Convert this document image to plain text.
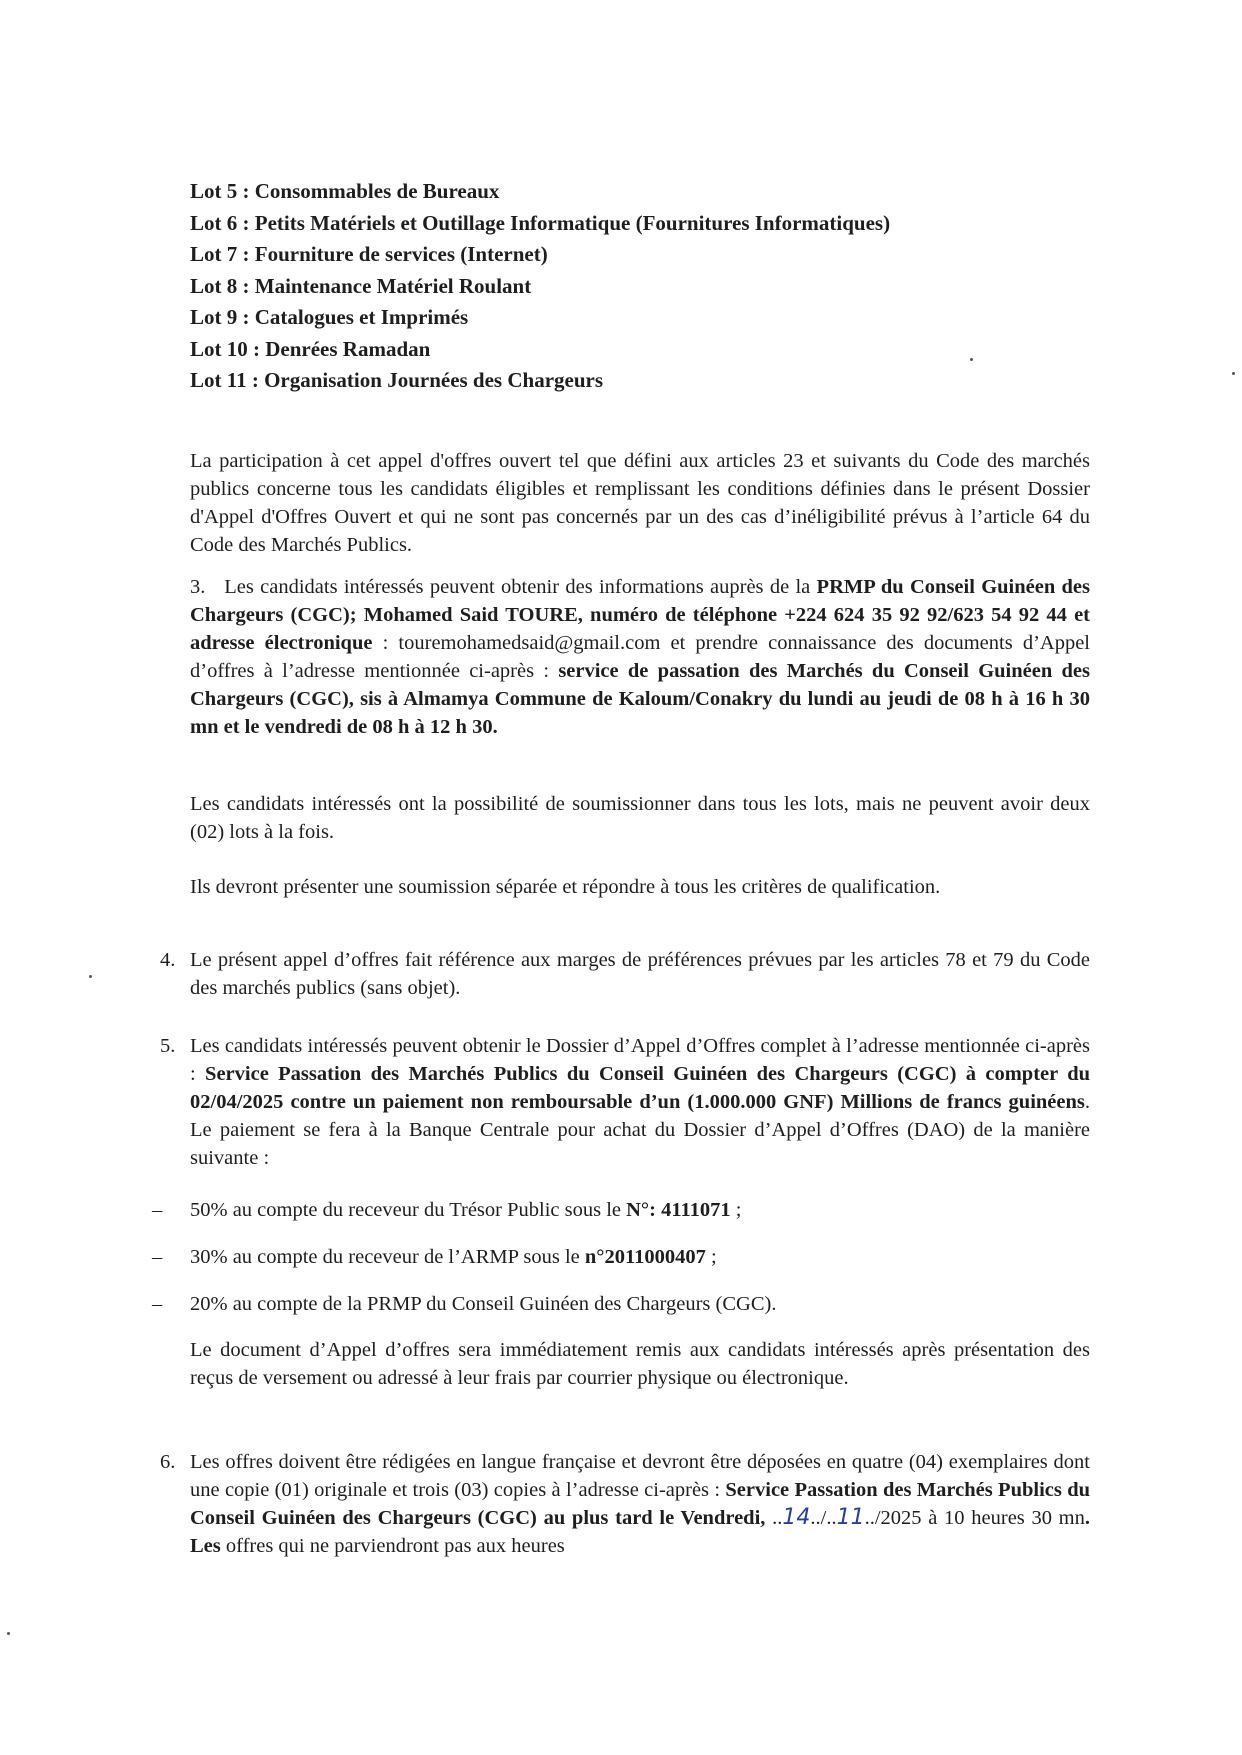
Lot 5 : Consommables de Bureaux
Lot 6 : Petits Matériels et Outillage Informatique (Fournitures Informatiques)
Lot 7 : Fourniture de services (Internet)
Lot 8 : Maintenance Matériel Roulant
Lot 9 : Catalogues et Imprimés
Lot 10 : Denrées Ramadan
Lot 11 : Organisation Journées des Chargeurs
La participation à cet appel d'offres ouvert tel que défini aux articles 23 et suivants du Code des marchés publics concerne tous les candidats éligibles et remplissant les conditions définies dans le présent Dossier d'Appel d'Offres Ouvert et qui ne sont pas concernés par un des cas d’inéligibilité prévus à l’article 64 du Code des Marchés Publics.
3. Les candidats intéressés peuvent obtenir des informations auprès de la PRMP du Conseil Guinéen des Chargeurs (CGC); Mohamed Said TOURE, numéro de téléphone +224 624 35 92 92/623 54 92 44 et adresse électronique : touremohamedsaid@gmail.com et prendre connaissance des documents d’Appel d’offres à l’adresse mentionnée ci-après : service de passation des Marchés du Conseil Guinéen des Chargeurs (CGC), sis à Almamya Commune de Kaloum/Conakry du lundi au jeudi de 08 h à 16 h 30 mn et le vendredi de 08 h à 12 h 30.
Les candidats intéressés ont la possibilité de soumissionner dans tous les lots, mais ne peuvent avoir deux (02) lots à la fois.
Ils devront présenter une soumission séparée et répondre à tous les critères de qualification.
4. Le présent appel d’offres fait référence aux marges de préférences prévues par les articles 78 et 79 du Code des marchés publics (sans objet).
5. Les candidats intéressés peuvent obtenir le Dossier d’Appel d’Offres complet à l’adresse mentionnée ci-après : Service Passation des Marchés Publics du Conseil Guinéen des Chargeurs (CGC) à compter du 02/04/2025 contre un paiement non remboursable d’un (1.000.000 GNF) Millions de francs guinéens. Le paiement se fera à la Banque Centrale pour achat du Dossier d’Appel d’Offres (DAO) de la manière suivante :
– 50% au compte du receveur du Trésor Public sous le N°: 4111071 ;
– 30% au compte du receveur de l’ARMP sous le n°2011000407 ;
– 20% au compte de la PRMP du Conseil Guinéen des Chargeurs (CGC).
Le document d’Appel d’offres sera immédiatement remis aux candidats intéressés après présentation des reçus de versement ou adressé à leur frais par courrier physique ou électronique.
6. Les offres doivent être rédigées en langue française et devront être déposées en quatre (04) exemplaires dont une copie (01) originale et trois (03) copies à l’adresse ci-après : Service Passation des Marchés Publics du Conseil Guinéen des Chargeurs (CGC) au plus tard le Vendredi, ..14../..11../2025 à 10 heures 30 mn. Les offres qui ne parviendront pas aux heures
